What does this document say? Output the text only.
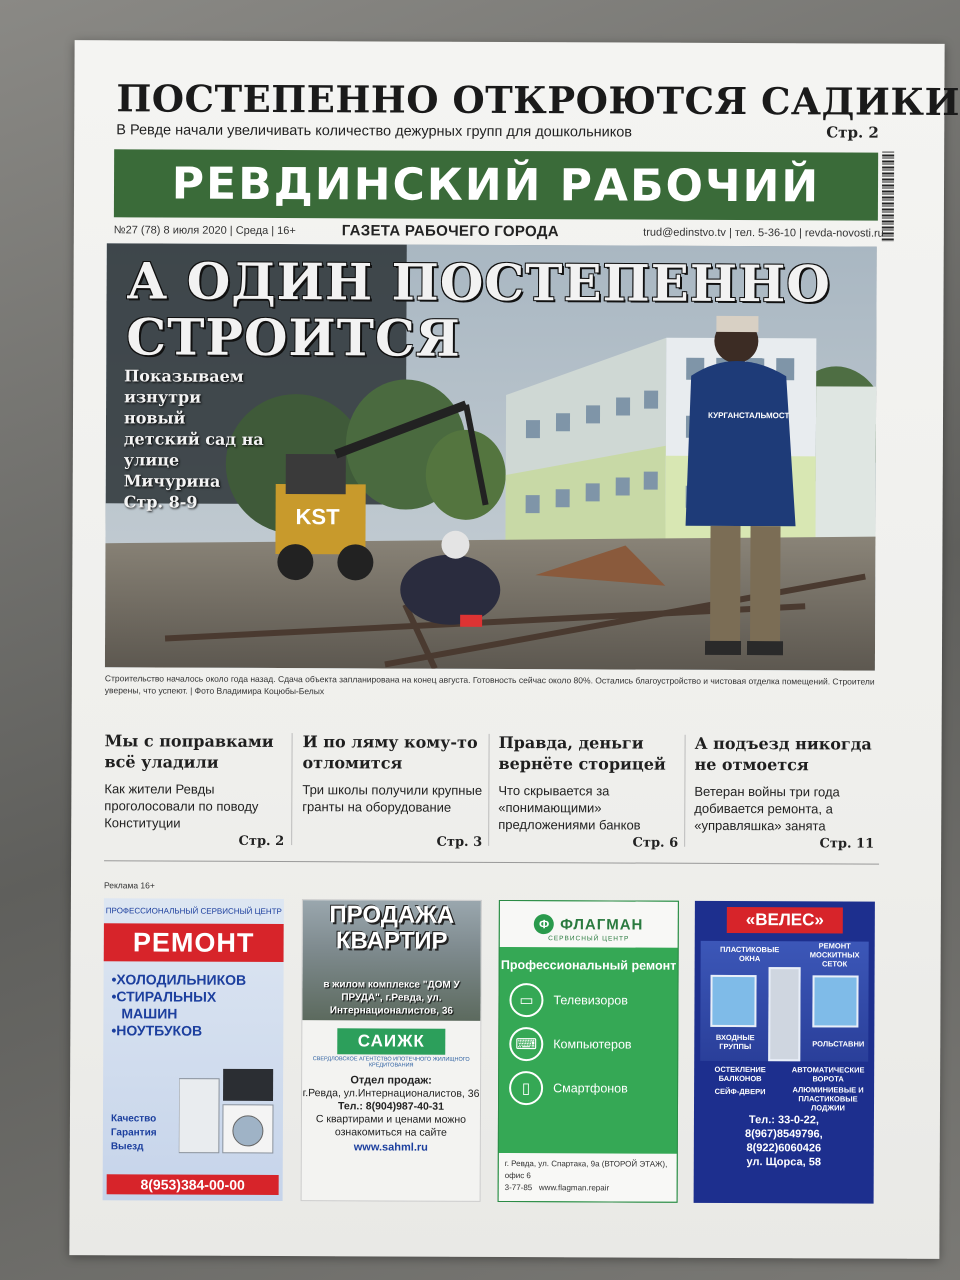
ПОСТЕПЕННО ОТКРОЮТСЯ САДИКИ
В Ревде начали увеличивать количество дежурных групп для дошкольников	Стр. 2
РЕВДИНСКИЙ РАБОЧИЙ
№27 (78) 8 июля 2020 | Среда | 16+	ГАЗЕТА РАБОЧЕГО ГОРОДА	trud@edinstvo.tv | тел. 5-36-10 | revda-novosti.ru
KSТ
КУРГАНСТАЛЬМОСТ
А ОДИН ПОСТЕПЕННО
СТРОИТСЯ
Показываем изнутри новый детский сад на улице Мичурина Стр. 8-9
Строительство началось около года назад. Сдача объекта запланирована на конец августа. Готовность сейчас около 80%. Остались благоустройство и чистовая отделка помещений. Строители уверены, что успеют. | Фото Владимира Коцюбы-Белых
Мы с поправками всё уладили
Как жители Ревды проголосовали по поводу Конституции
Стр. 2
И по ляму кому-то отломится
Три школы получили крупные гранты на оборудование
Стр. 3
Правда, деньги вернёте сторицей
Что скрывается за «понимающими» предложениями банков
Стр. 6
А подъезд никогда не отмоется
Ветеран войны три года добивается ремонта, а «управляшка» занята
Стр. 11
Реклама 16+
ПРОФЕССИОНАЛЬНЫЙ СЕРВИСНЫЙ ЦЕНТР
РЕМОНТ
•ХОЛОДИЛЬНИКОВ
•СТИРАЛЬНЫХ
МАШИН
•НОУТБУКОВ
Качество
Гарантия
Выезд
8(953)384-00-00
ПРОДАЖА
КВАРТИР
в жилом комплексе "ДОМ У ПРУДА", г.Ревда, ул. Интернационалистов, 36
САИЖК
СВЕРДЛОВСКОЕ АГЕНТСТВО ИПОТЕЧНОГО ЖИЛИЩНОГО КРЕДИТОВАНИЯ
Отдел продаж:
г.Ревда, ул.Интернационалистов, 36
Тел.: 8(904)987-40-31
С квартирами и ценами можно ознакомиться на сайте
www.sahml.ru
Ф ФЛАГМАН
СЕРВИСНЫЙ ЦЕНТР
Профессиональный ремонт
▭	Телевизоров
⌨	Компьютеров
▯	Смартфонов
г. Ревда, ул. Спартака, 9а (ВТОРОЙ ЭТАЖ), офис 6
3-77-85 www.flagman.repair
«ВЕЛЕС»
ПЛАСТИКОВЫЕ ОКНА
РЕМОНТ МОСКИТНЫХ СЕТОК
ВХОДНЫЕ ГРУППЫ	РОЛЬСТАВНИ
ОСТЕКЛЕНИЕ БАЛКОНОВ
АВТОМАТИЧЕСКИЕ ВОРОТА
СЕЙФ-ДВЕРИ	АЛЮМИНИЕВЫЕ И ПЛАСТИКОВЫЕ ЛОДЖИИ
Тел.: 33-0-22,
8(967)8549796,
8(922)6060426
ул. Щорса, 58
